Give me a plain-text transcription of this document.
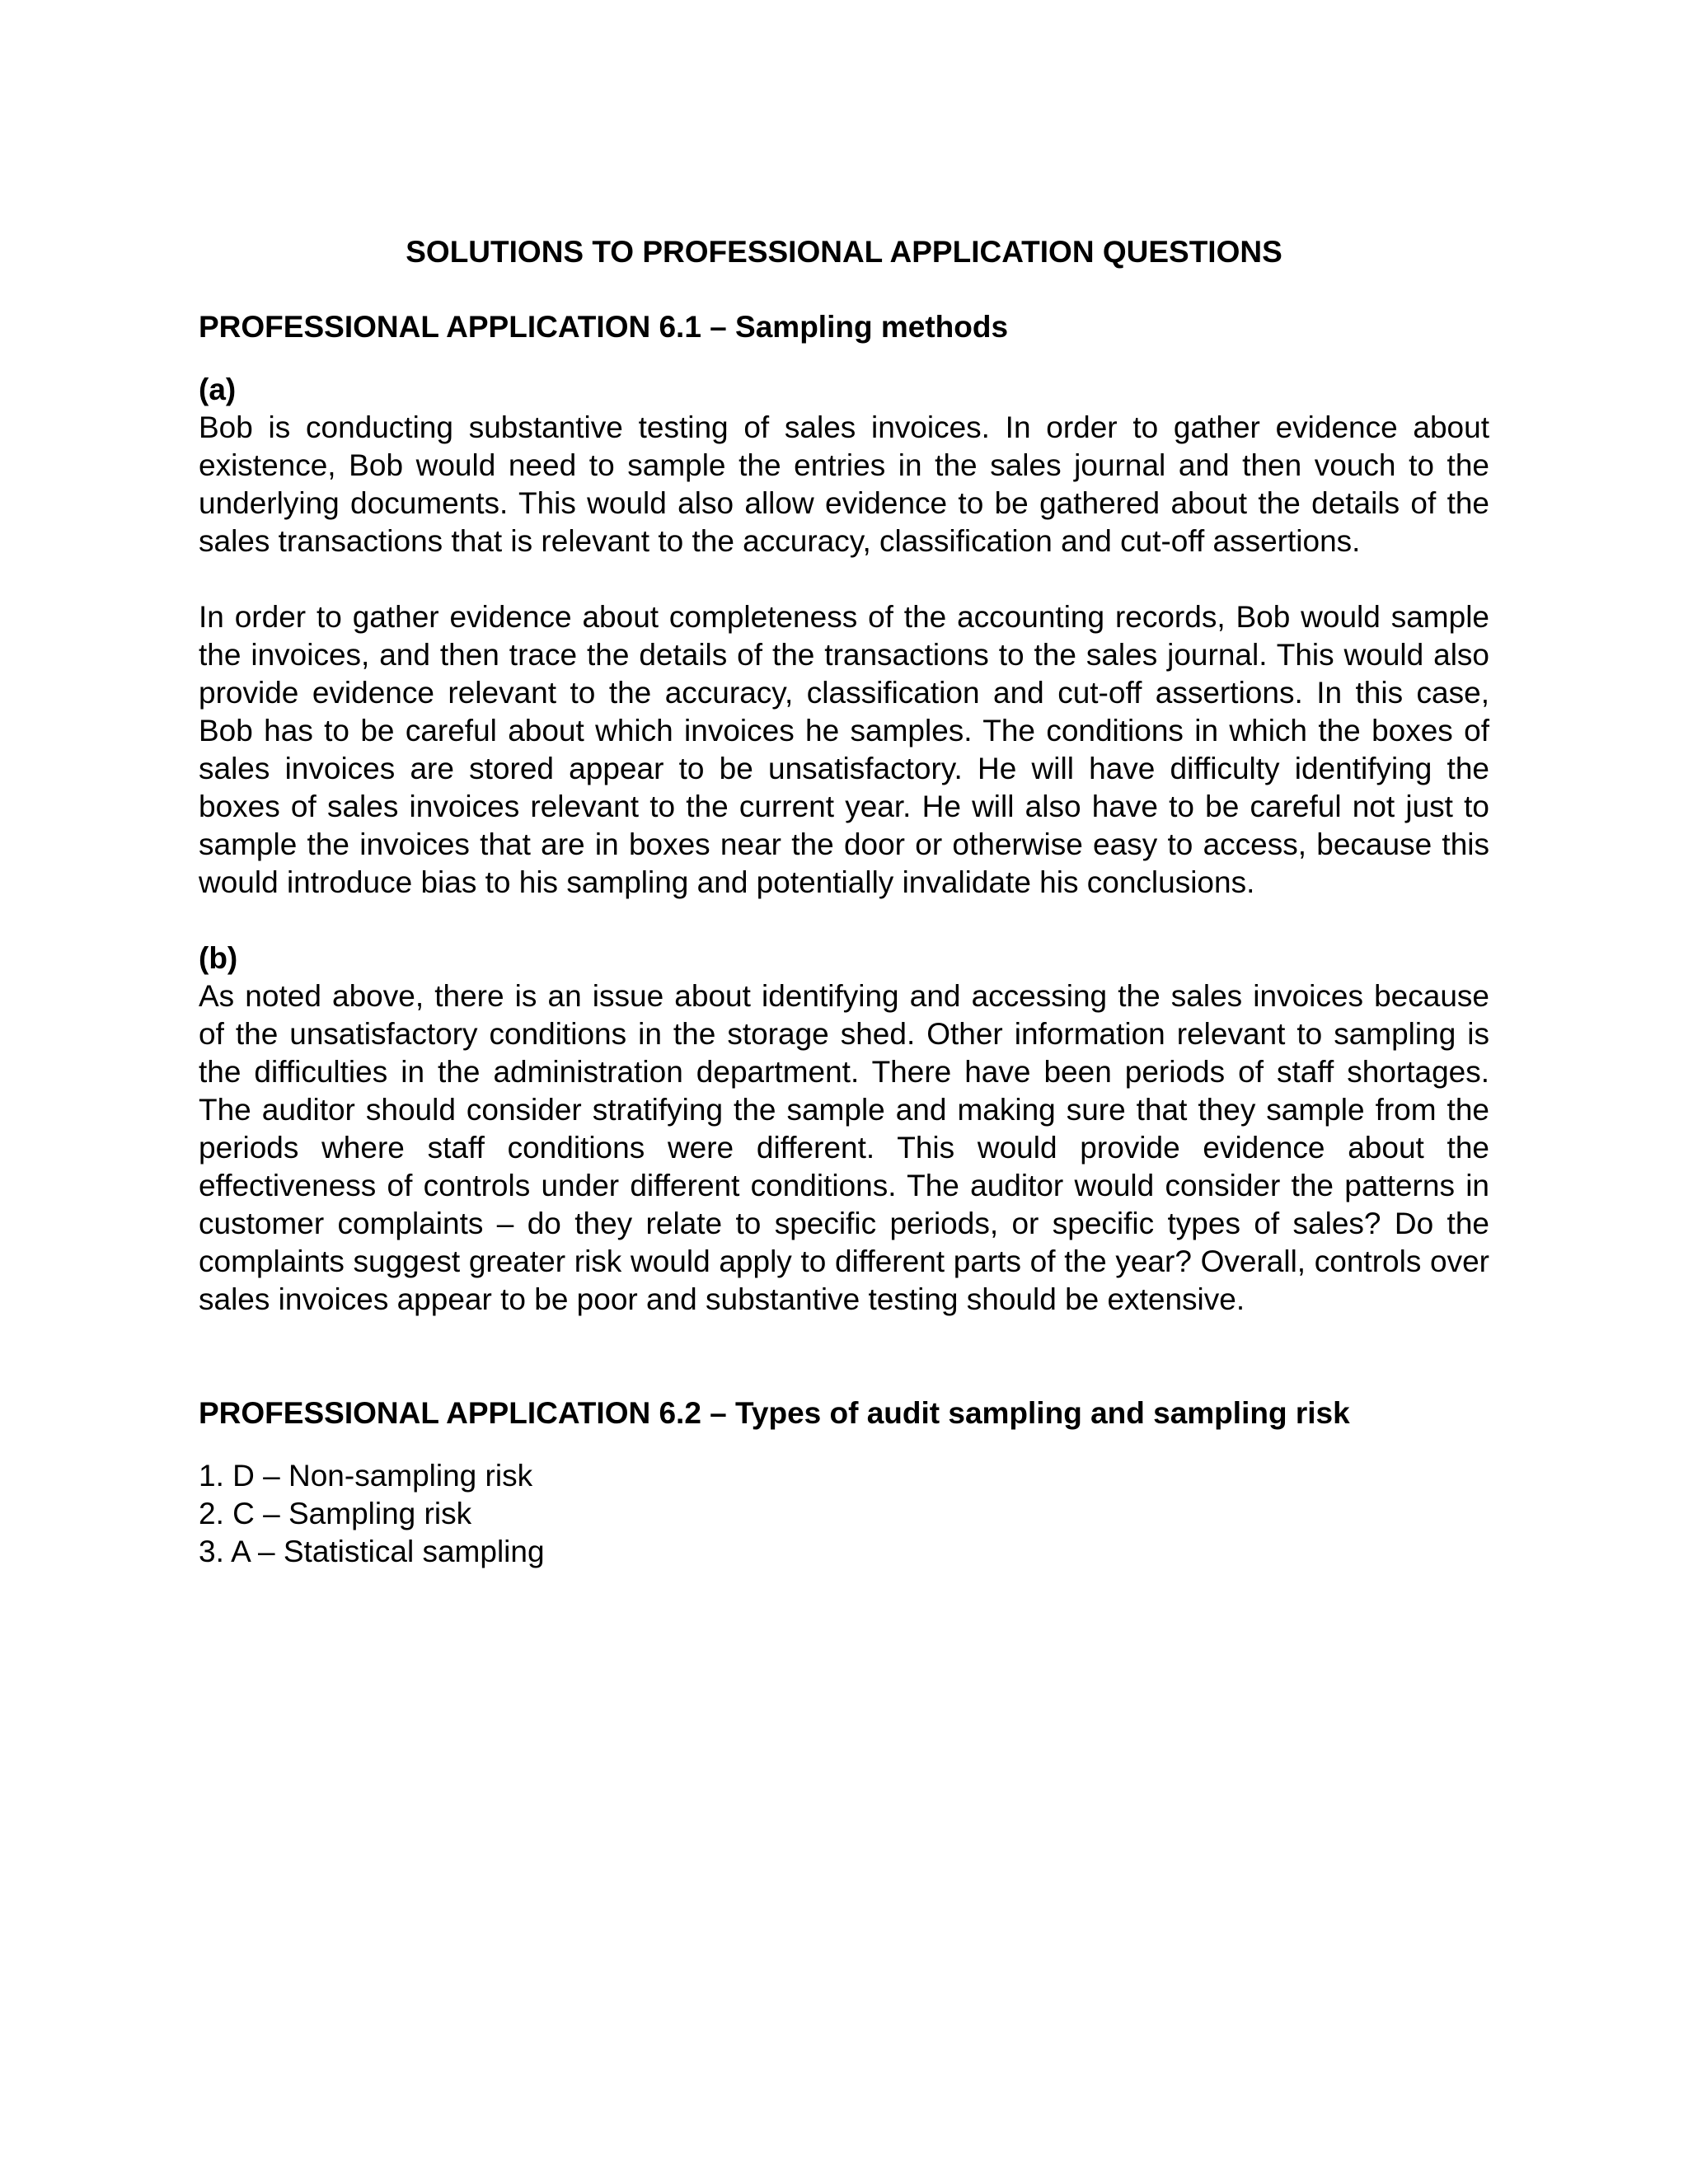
SOLUTIONS TO PROFESSIONAL APPLICATION QUESTIONS
PROFESSIONAL APPLICATION 6.1 – Sampling methods

(a)

Bob is conducting substantive testing of sales invoices. In order to gather evidence about existence, Bob would need to sample the entries in the sales journal and then vouch to the underlying documents. This would also allow evidence to be gathered about the details of the sales transactions that is relevant to the accuracy, classification and cut-off assertions.

In order to gather evidence about completeness of the accounting records, Bob would sample the invoices, and then trace the details of the transactions to the sales journal. This would also provide evidence relevant to the accuracy, classification and cut-off assertions. In this case, Bob has to be careful about which invoices he samples. The conditions in which the boxes of sales invoices are stored appear to be unsatisfactory. He will have difficulty identifying the boxes of sales invoices relevant to the current year. He will also have to be careful not just to sample the invoices that are in boxes near the door or otherwise easy to access, because this would introduce bias to his sampling and potentially invalidate his conclusions.

(b)

As noted above, there is an issue about identifying and accessing the sales invoices because of the unsatisfactory conditions in the storage shed. Other information relevant to sampling is the difficulties in the administration department. There have been periods of staff shortages. The auditor should consider stratifying the sample and making sure that they sample from the periods where staff conditions were different. This would provide evidence about the effectiveness of controls under different conditions. The auditor would consider the patterns in customer complaints – do they relate to specific periods, or specific types of sales? Do the complaints suggest greater risk would apply to different parts of the year? Overall, controls over sales invoices appear to be poor and substantive testing should be extensive.

PROFESSIONAL APPLICATION 6.2 – Types of audit sampling and sampling risk
1. D – Non-sampling risk
2. C – Sampling risk
3. A – Statistical sampling
